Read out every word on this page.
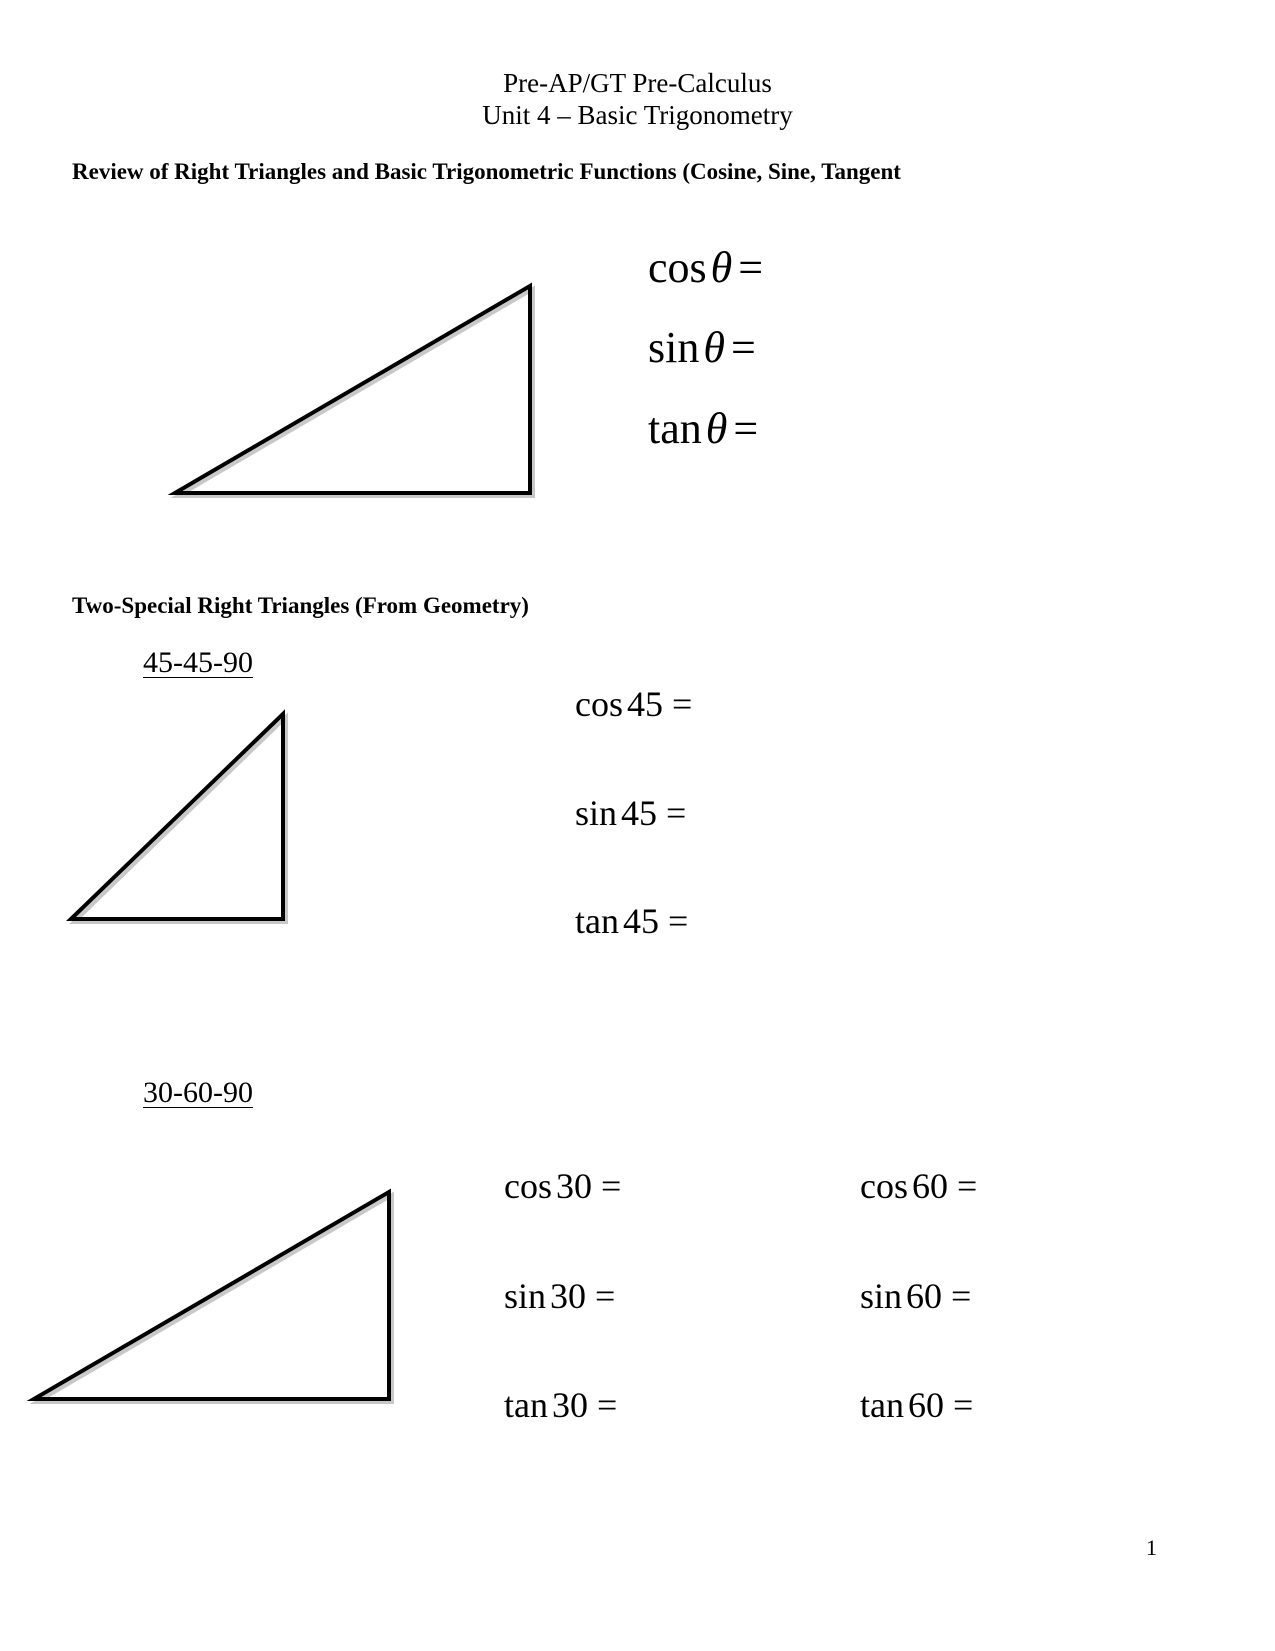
Pre-AP/GT Pre-Calculus
Unit 4 – Basic Trigonometry
Review of Right Triangles and Basic Trigonometric Functions (Cosine, Sine, Tangent
cosθ =
sinθ =
tanθ =
Two-Special Right Triangles (From Geometry)
45-45-90
cos 45 =
sin 45 =
tan 45 =
30-60-90
cos 30 =
sin 30 =
tan 30 =
cos 60 =
sin 60 =
tan 60 =
1
